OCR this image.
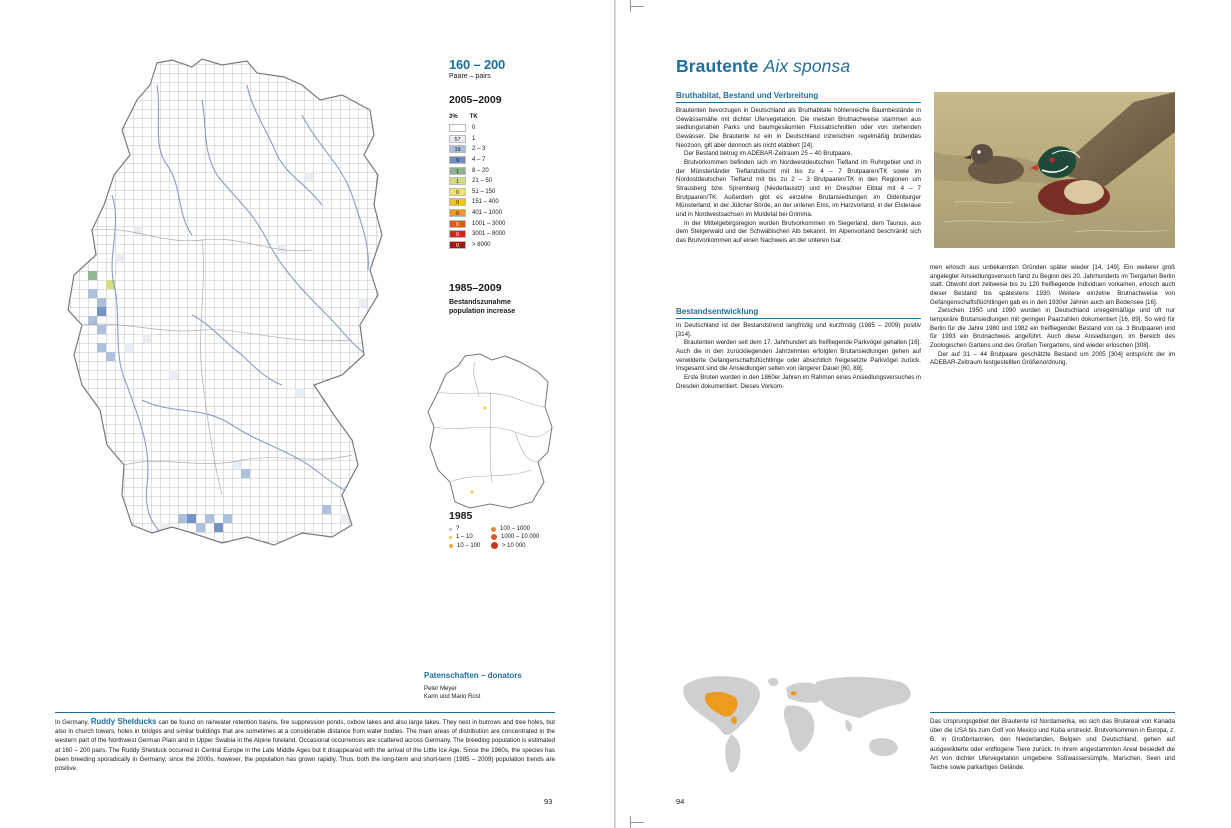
160 – 200
Paare – pairs
2005–2009
3% TK
0
57	1
19	2 – 3
9	4 – 7
1	8 – 20
1	21 – 50
0	51 – 150
0	151 – 400
0	401 – 1000
0	1001 – 3000
0	3001 – 8000
0	> 8000
1985–2009
Bestandszunahme
population increase
1985
?	100 – 1000
1 – 10	1000 – 10 000
10 – 100	> 10 000
Patenschaften – donators
Peter Meyer
Karin und Mario Rost
In Germany, Ruddy Shelducks can be found on rainwater retention basins, fire suppression ponds, oxbow lakes and also large lakes. They nest in burrows and tree holes, but also in church towers, holes in bridges and similar buildings that are sometimes at a considerable distance from water bodies. The main areas of distribution are concentrated in the western part of the Northwest German Plain and in Upper Swabia in the Alpine foreland. Occasional occurrences are scattered across Germany. The breeding population is estimated at 160 – 200 pairs. The Ruddy Shelduck occurred in Central Europe in the Late Middle Ages but it disappeared with the arrival of the Little Ice Age. Since the 1960s, the species has been breeding sporadically in Germany; since the 2000s, however, the population has grown rapidly. Thus, both the long-term and short-term (1985 – 2009) population trends are positive.
93
Brautente Aix sponsa
Bruthabitat, Bestand und Verbreitung

Brautenten bevorzugen in Deutschland als Bruthabitate höhlenreiche Baumbestände in Gewässernähe mit dichter Ufervegetation. Die meisten Brutnachweise stammen aus siedlungsnahen Parks und baumgesäumten Flussabschnitten oder von stehenden Gewässer. Die Brautente ist ein in Deutschland inzwischen regelmäßig brütendes Neozoon, gilt aber dennoch als nicht etabliert [24].

Der Bestand betrug im ADEBAR-Zeitraum 25 – 40 Brutpaare.

Brutvorkommen befinden sich im Nordwestdeutschen Tiefland im Ruhrgebiet und in der Münsterländer Tieflandsbucht mit bis zu 4 – 7 Brutpaaren/TK sowie im Nordostdeutschen Tiefland mit bis zu 2 – 3 Brutpaaren/TK in den Regionen um Strausberg bzw. Spremberg (Niederlausitz) und im Dresdner Elbtal mit 4 – 7 Brutpaaren/TK. Außerdem gibt es einzelne Brutansiedlungen im Oldenburger Münsterland, in der Jülicher Börde, an der unteren Ems, im Harzvorland, in der Elsteraue und in Nordwestsachsen im Muldetal bei Grimma.

In der Mittelgebirgsregion wurden Brutvorkommen im Siegerland, dem Taunus, aus dem Steigerwald und der Schwäbischen Alb bekannt. Im Alpenvorland beschränkt sich das Brutvorkommen auf einen Nachweis an der unteren Isar.

Bestandsentwicklung

In Deutschland ist der Bestandstrend langfristig und kurzfristig (1985 – 2009) positiv [314].

Brautenten werden seit dem 17. Jahrhundert als freifliegende Parkvögel gehalten [16]. Auch die in den zurückliegenden Jahrzehnten erfolgten Brutansiedlungen gehen auf verwilderte Gefangenschaftsflüchtlinge oder absichtlich freigesetzte Parkvögel zurück. Insgesamt sind die Ansiedlungen selten von längerer Dauer [60, 88].

Erste Bruten wurden in den 1860er Jahren im Rahmen eines Ansiedlungsversuches in Dresden dokumentiert. Dieses Vorkom-

men erlosch aus unbekannten Gründen später wieder [14, 149]. Ein weiterer groß angelegter Ansiedlungsversuch fand zu Beginn des 20. Jahrhunderts im Tiergarten Berlin statt. Obwohl dort zeitweise bis zu 120 freifliegende Individuen vorkamen, erlosch auch dieser Bestand bis spätestens 1930. Weitere einzelne Brutnachweise von Gefangenschaftsflüchtlingen gab es in den 1930er Jahren auch am Bodensee [16].

Zwischen 1950 und 1990 wurden in Deutschland unregelmäßige und oft nur temporäre Brutansiedlungen mit geringen Paarzahlen dokumentiert [16, 89]. So wird für Berlin für die Jahre 1980 und 1982 ein freifliegender Bestand von ca. 3 Brutpaaren und für 1993 ein Brutnachweis angeführt. Auch diese Ansiedlungen, im Bereich des Zoologischen Gartens und des Großen Tiergartens, sind wieder erloschen [308].

Der auf 31 – 44 Brutpaare geschätzte Bestand um 2005 [304] entspricht der im ADEBAR-Zeitraum festgestellten Größenordnung.

Das Ursprungsgebiet der Brautente ist Nordamerika, wo sich das Brutareal von Kanada über die USA bis zum Golf von Mexico und Kuba erstreckt. Brutvorkommen in Europa, z. B. in Großbritannien, den Niederlanden, Belgien und Deutschland, gehen auf ausgewilderte oder entflogene Tiere zurück. In ihrem angestammten Areal besiedelt die Art von dichter Ufervegetation umgebene Süßwassersümpfe, Marschen, Seen und Teiche sowie parkartiges Gelände.
94
